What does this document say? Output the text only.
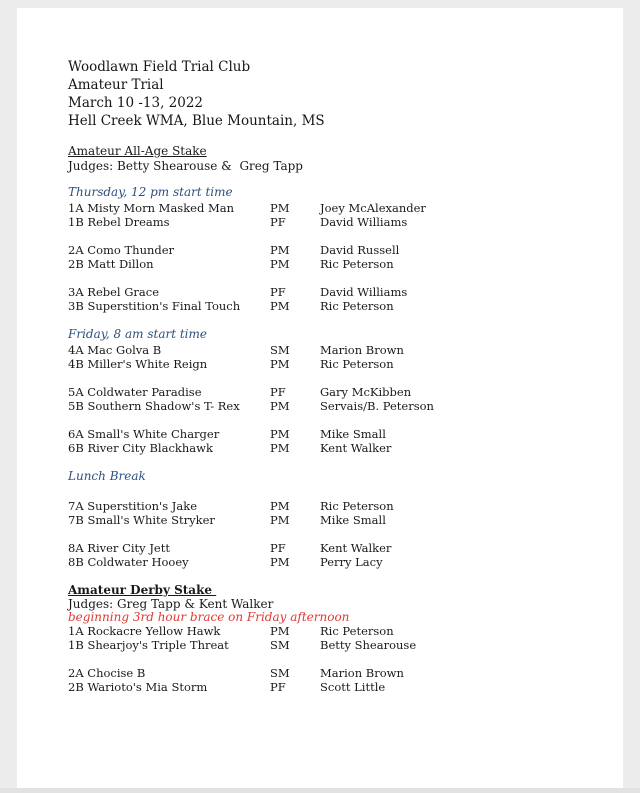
Woodlawn Field Trial Club
Amateur Trial
March 10 -13, 2022
Hell Creek WMA, Blue Mountain, MS
Amateur All-Age Stake
Judges: Betty Shearouse &  Greg Tapp
Thursday, 12 pm start time
1A Misty Morn Masked Man	PM	Joey McAlexander
1B Rebel Dreams	PF	David Williams
2A Como Thunder	PM	David Russell
2B Matt Dillon	PM	Ric Peterson
3A Rebel Grace	PF	David Williams
3B Superstition's Final Touch	PM	Ric Peterson
Friday, 8 am start time
4A Mac Golva B	SM	Marion Brown
4B Miller's White Reign	PM	Ric Peterson
5A Coldwater Paradise	PF	Gary McKibben
5B Southern Shadow's T- Rex	PM	Servais/B. Peterson
6A Small's White Charger	PM	Mike Small
6B River City Blackhawk	PM	Kent Walker
Lunch Break
7A Superstition's Jake	PM	Ric Peterson
7B Small's White Stryker	PM	Mike Small
8A River City Jett	PF	Kent Walker
8B Coldwater Hooey	PM	Perry Lacy
Amateur Derby Stake
Judges: Greg Tapp & Kent Walker
beginning 3rd hour brace on Friday afternoon
1A Rockacre Yellow Hawk	PM	Ric Peterson
1B Shearjoy's Triple Threat	SM	Betty Shearouse
2A Chocise B	SM	Marion Brown
2B Warioto's Mia Storm	PF	Scott Little
